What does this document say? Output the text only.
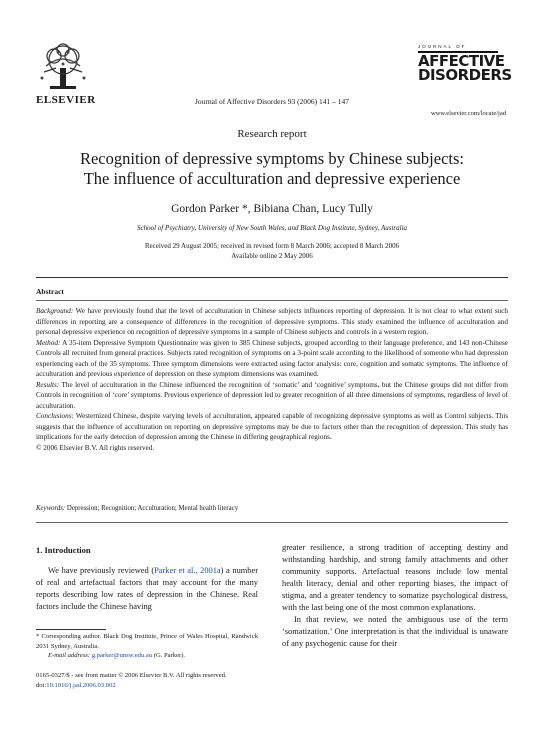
ELSEVIER	Journal of Affective Disorders 93 (2006) 141 – 147
JOURNAL OF
AFFECTIVE
DISORDERS
www.elsevier.com/locate/jad
Research report
Recognition of depressive symptoms by Chinese subjects:
The influence of acculturation and depressive experience
Gordon Parker *, Bibiana Chan, Lucy Tully
School of Psychiatry, University of New South Wales, and Black Dog Institute, Sydney, Australia
Received 29 August 2005; received in revised form 8 March 2006; accepted 8 March 2006
Available online 2 May 2006
Abstract

Background: We have previously found that the level of acculturation in Chinese subjects influences reporting of depression. It is not clear to what extent such differences in reporting are a consequence of differences in the recognition of depressive symptoms. This study examined the influence of acculturation and personal depressive experience on recognition of depressive symptoms in a sample of Chinese subjects and controls in a western region.

Method: A 35-item Depressive Symptom Questionnaire was given to 385 Chinese subjects, grouped according to their language preference, and 143 non-Chinese Controls all recruited from general practices. Subjects rated recognition of symptoms on a 3-point scale according to the likelihood of someone who had depression experiencing each of the 35 symptoms. Three symptom dimensions were extracted using factor analysis: core, cognition and somatic symptoms. The influence of acculturation and previous experience of depression on these symptom dimensions was examined.

Results: The level of acculturation in the Chinese influenced the recognition of ‘somatic’ and ‘cognitive’ symptoms, but the Chinese groups did not differ from Controls in recognition of ‘core’ symptoms. Previous experience of depression led to greater recognition of all three dimensions of symptoms, regardless of level of acculturation.

Conclusions: Westernized Chinese, despite varying levels of acculturation, appeared capable of recognizing depressive symptoms as well as Control subjects. This suggests that the influence of acculturation on reporting on depressive symptoms may be due to factors other than the recognition of depression. This study has implications for the early detection of depression among the Chinese in differing geographical regions.

© 2006 Elsevier B.V. All rights reserved.

Keywords: Depression; Recognition; Acculturation; Mental health literacy

1. Introduction

We have previously reviewed (Parker et al., 2001a) a number of real and artefactual factors that may account for the many reports describing low rates of depression in the Chinese. Real factors include the Chinese having

greater resilience, a strong tradition of accepting destiny and withstanding hardship, and strong family attachments and other community supports. Artefactual reasons include low mental health literacy, denial and other reporting biases, the impact of stigma, and a greater tendency to somatize psychological distress, with the last being one of the most common explanations.

In that review, we noted the ambiguous use of the term ‘somatization.’ One interpretation is that the individual is unaware of any psychogenic cause for their

* Corresponding author. Black Dog Institute, Prince of Wales Hospital, Randwick 2031 Sydney, Australia.

E-mail address: g.parker@unsw.edu.au (G. Parker).

0165-0327/$ - see front matter © 2006 Elsevier B.V. All rights reserved.
doi:10.1016/j.jad.2006.03.002
